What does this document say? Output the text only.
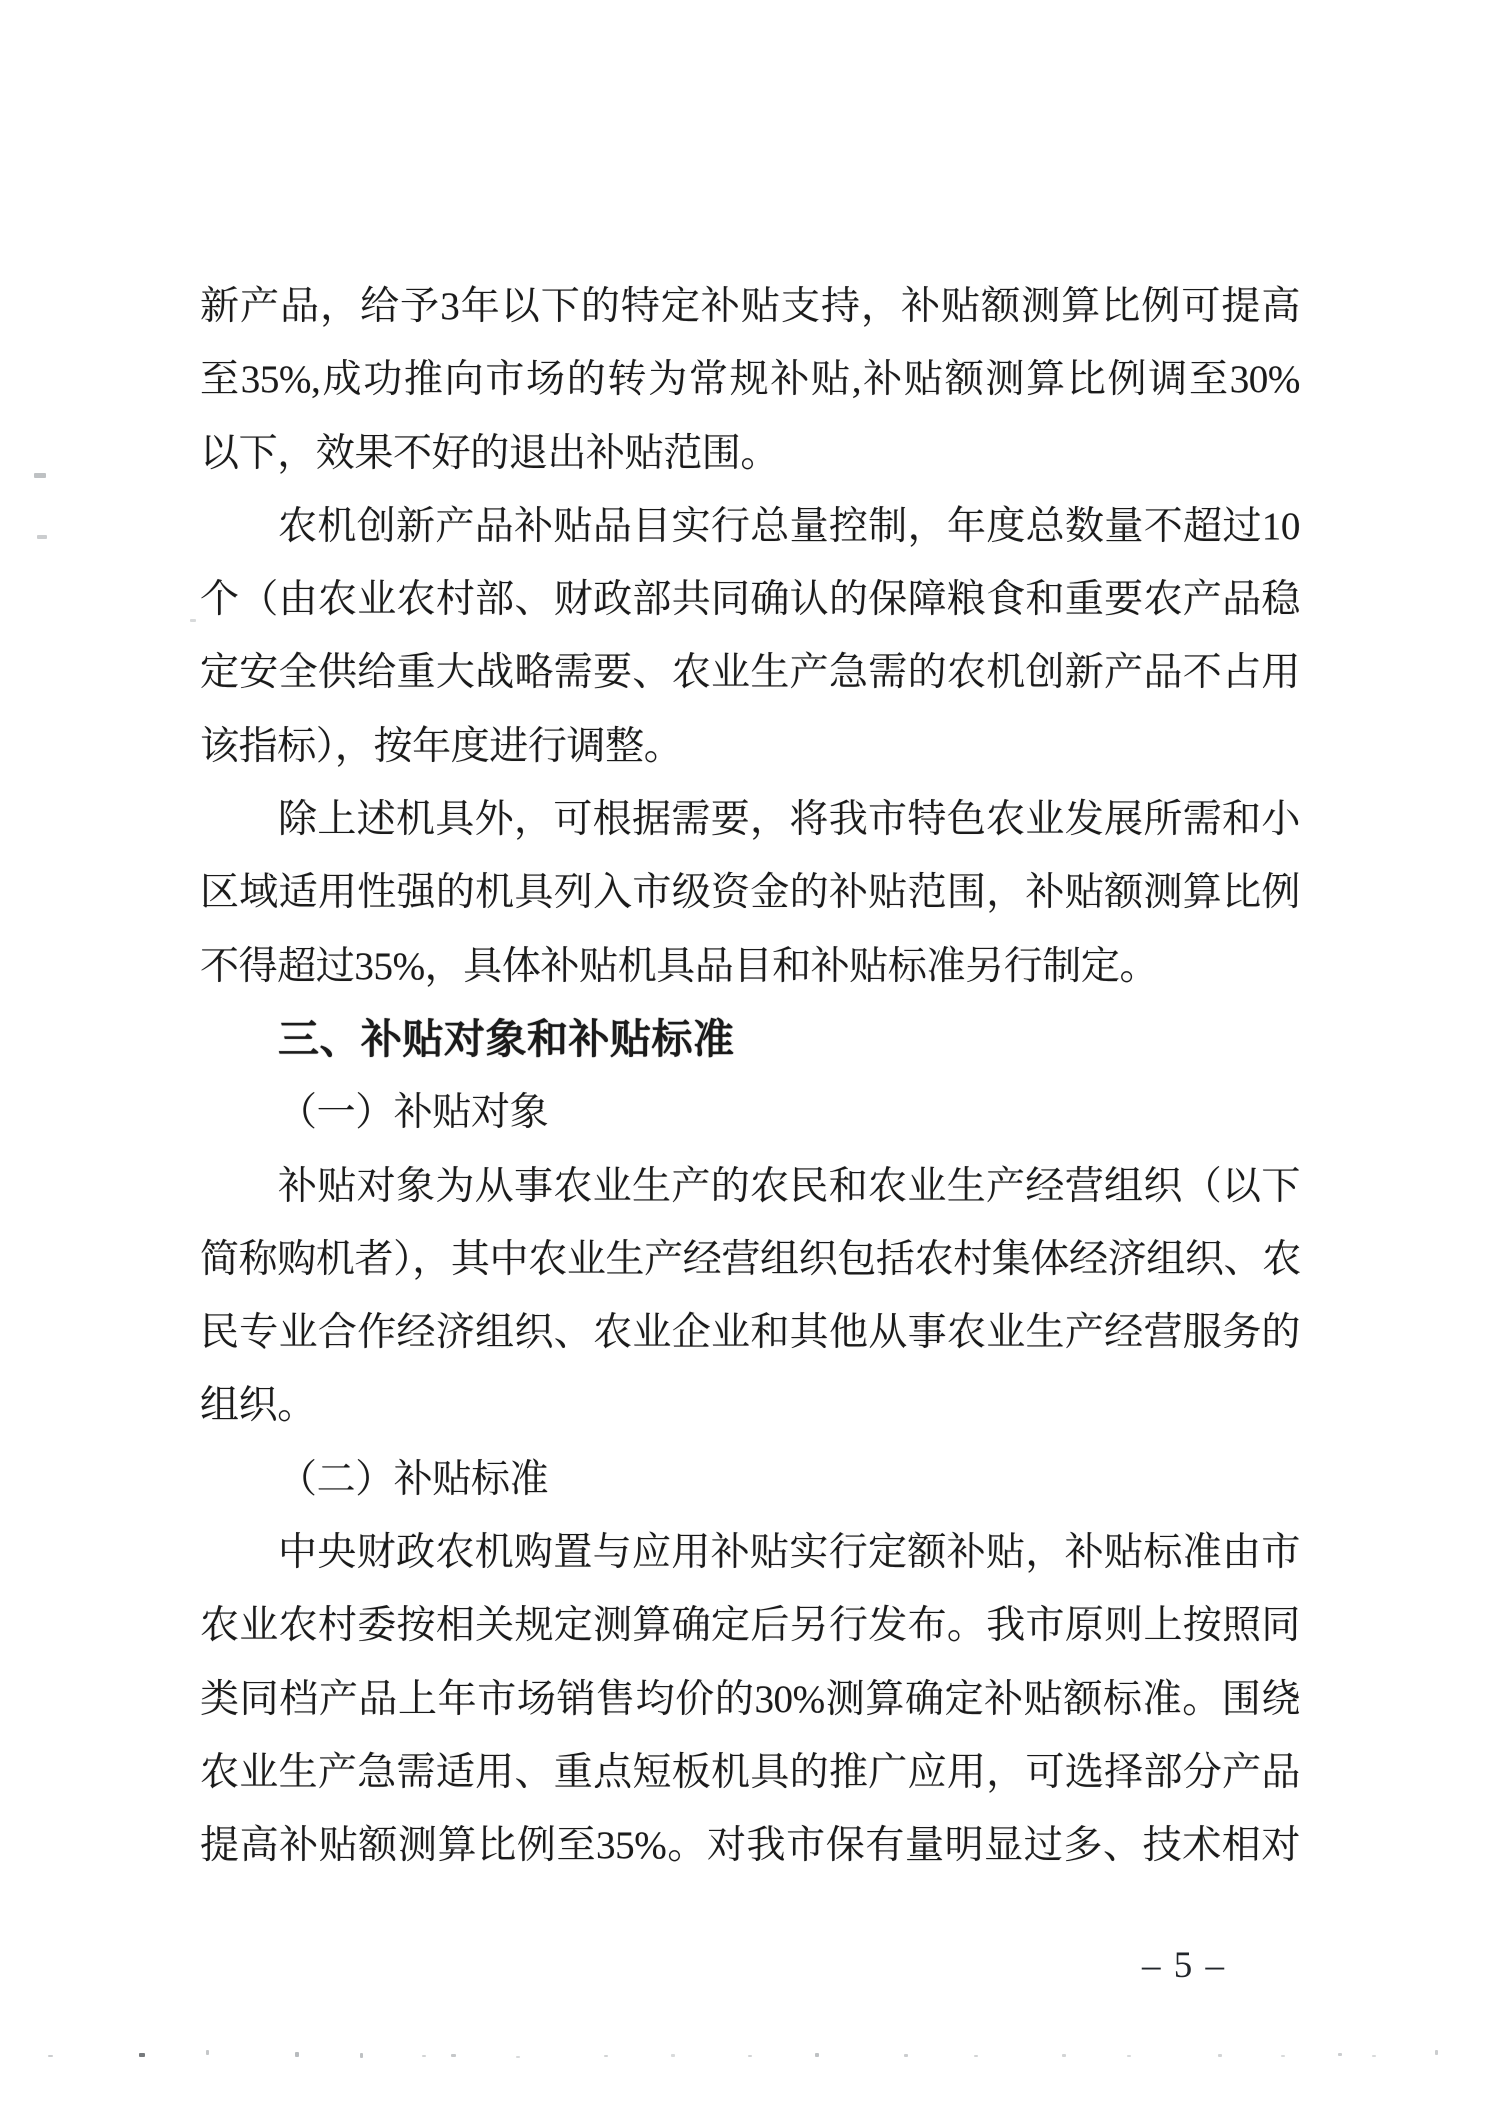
新产品，给予3年以下的特定补贴支持，补贴额测算比例可提高
至35%,成功推向市场的转为常规补贴,补贴额测算比例调至30%
以下，效果不好的退出补贴范围。
农机创新产品补贴品目实行总量控制，年度总数量不超过10
个（由农业农村部、财政部共同确认的保障粮食和重要农产品稳
定安全供给重大战略需要、农业生产急需的农机创新产品不占用
该指标），按年度进行调整。
除上述机具外，可根据需要，将我市特色农业发展所需和小
区域适用性强的机具列入市级资金的补贴范围，补贴额测算比例
不得超过35%，具体补贴机具品目和补贴标准另行制定。
三、补贴对象和补贴标准
（一）补贴对象
补贴对象为从事农业生产的农民和农业生产经营组织（以下
简称购机者），其中农业生产经营组织包括农村集体经济组织、农
民专业合作经济组织、农业企业和其他从事农业生产经营服务的
组织。
（二）补贴标准
中央财政农机购置与应用补贴实行定额补贴，补贴标准由市
农业农村委按相关规定测算确定后另行发布。我市原则上按照同
类同档产品上年市场销售均价的30%测算确定补贴额标准。围绕
农业生产急需适用、重点短板机具的推广应用，可选择部分产品
提高补贴额测算比例至35%。对我市保有量明显过多、技术相对
– 5 –
